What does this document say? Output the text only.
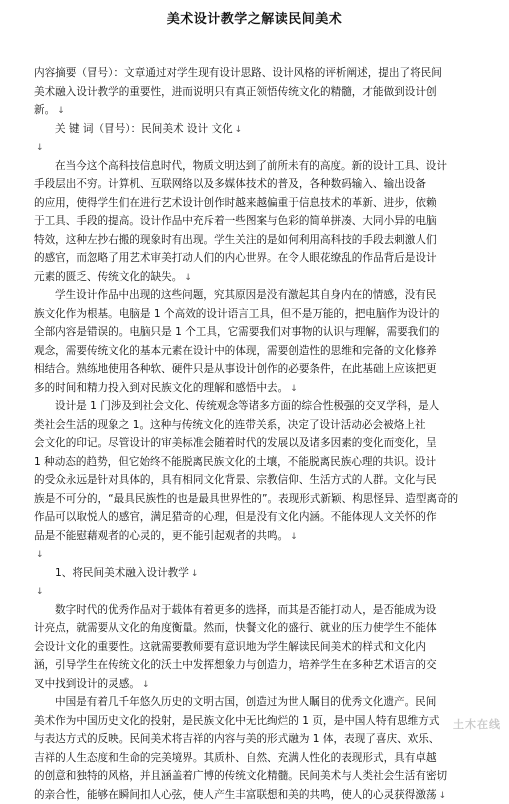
美术设计教学之解读民间美术
内容摘要（冒号）：文章通过对学生现有设计思路、设计风格的评析阐述，提出了将民间
美术融入设计教学的重要性，进而说明只有真正领悟传统文化的精髓，才能做到设计创
新。 ↓
关 键 词（冒号）：民间美术 设计 文化 ↓
↓
在当今这个高科技信息时代，物质文明达到了前所未有的高度。新的设计工具、设计
手段层出不穷。计算机、互联网络以及多媒体技术的普及，各种数码输入、输出设备
的应用，使得学生们在进行艺术设计创作时越来越偏重于信息技术的革新、进步，依赖
于工具、手段的提高。设计作品中充斥着一些图案与色彩的简单拼凑、大同小异的电脑
特效，这种左抄右搬的现象时有出现。学生关注的是如何利用高科技的手段去刺激人们
的感官，而忽略了用艺术审美打动人们的内心世界。在令人眼花缭乱的作品背后是设计
元素的匮乏、传统文化的缺失。 ↓
学生设计作品中出现的这些问题，究其原因是没有激起其自身内在的情感，没有民
族文化作为根基。电脑是 1 个高效的设计语言工具，但不是万能的，把电脑作为设计的
全部内容是错误的。电脑只是 1 个工具，它需要我们对事物的认识与理解，需要我们的
观念，需要传统文化的基本元素在设计中的体现，需要创造性的思维和完备的文化修养
相结合。熟练地使用各种软、硬件只是从事设计创作的必要条件，在此基础上应该把更
多的时间和精力投入到对民族文化的理解和感悟中去。 ↓
设计是 1 门涉及到社会文化、传统观念等诸多方面的综合性极强的交叉学科，是人
类社会生活的现象之 1。这种与传统文化的连带关系，决定了设计活动必会被烙上社
会文化的印记。尽管设计的审美标准会随着时代的发展以及诸多因素的变化而变化，呈
1 种动态的趋势，但它始终不能脱离民族文化的土壤，不能脱离民族心理的共识。设计
的受众永远是针对具体的，具有相同文化背景、宗教信仰、生活方式的人群。文化与民
族是不可分的，“最具民族性的也是最具世界性的”。表现形式新颖、构思怪异、造型离奇的
作品可以取悦人的感官，满足猎奇的心理，但是没有文化内涵。不能体现人文关怀的作
品是不能慰藉观者的心灵的，更不能引起观者的共鸣。 ↓
↓
1、将民间美术融入设计教学 ↓
↓
数字时代的优秀作品对于载体有着更多的选择，而其是否能打动人，是否能成为设
计亮点，就需要从文化的角度衡量。然而，快餐文化的盛行、就业的压力使学生不能体
会设计文化的重要性。这就需要教师要有意识地为学生解读民间美术的样式和文化内
涵，引导学生在传统文化的沃土中发挥想象力与创造力，培养学生在多种艺术语言的交
叉中找到设计的灵感。 ↓
中国是有着几千年悠久历史的文明古国，创造过为世人瞩目的优秀文化遗产。民间
美术作为中国历史文化的投射，是民族文化中无比绚烂的 1 页，是中国人特有思维方式
与表达方式的反映。民间美术将吉祥的内容与美的形式融为 1 体，表现了喜庆、欢乐、
吉祥的人生态度和生命的完美境界。其质朴、自然、充满人性化的表现形式，具有卓越
的创意和独特的风格，并且涵盖着广博的传统文化精髓。民间美术与人类社会生活有密切
的亲合性，能够在瞬间扣人心弦，使人产生丰富联想和美的共鸣，使人的心灵获得激荡 ↓
土木在线
